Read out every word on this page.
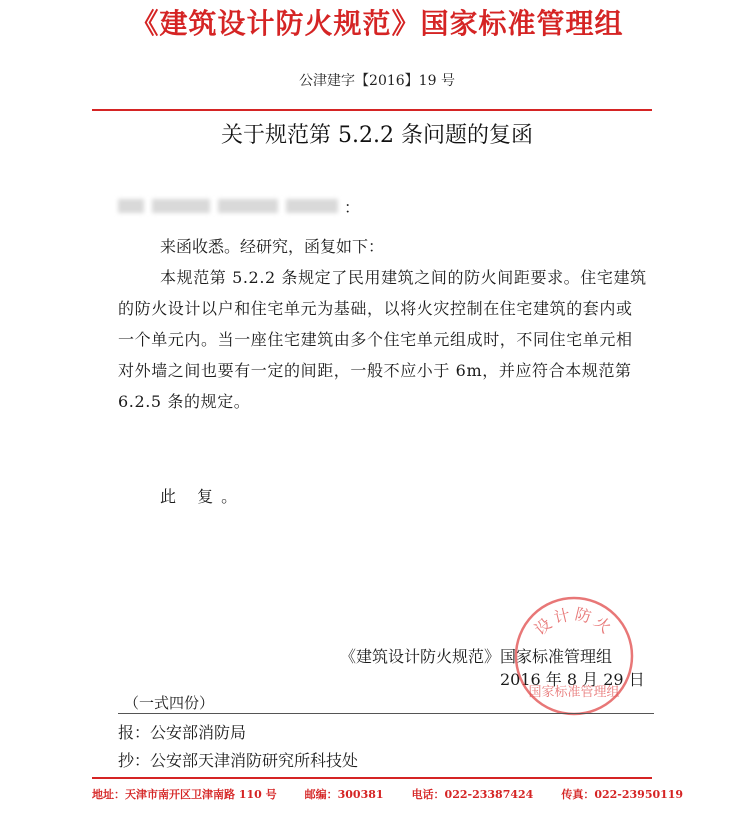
《建筑设计防火规范》国家标准管理组
公津建字【2016】19 号
关于规范第 5.2.2 条问题的复函
：
来函收悉。经研究，函复如下：
本规范第 5.2.2 条规定了民用建筑之间的防火间距要求。住宅建筑的防火设计以户和住宅单元为基础，以将火灾控制在住宅建筑的套内或一个单元内。当一座住宅建筑由多个住宅单元组成时，不同住宅单元相对外墙之间也要有一定的间距，一般不应小于 6m，并应符合本规范第 6.2.5 条的规定。
此 复。
《建筑设计防火规范》国家标准管理组
2016 年 8 月 29 日
设计防火
国家标准管理组
（一式四份）
报：公安部消防局
抄：公安部天津消防研究所科技处
地址：天津市南开区卫津南路 110 号	邮编：300381	电话：022-23387424	传真：022-23950119
